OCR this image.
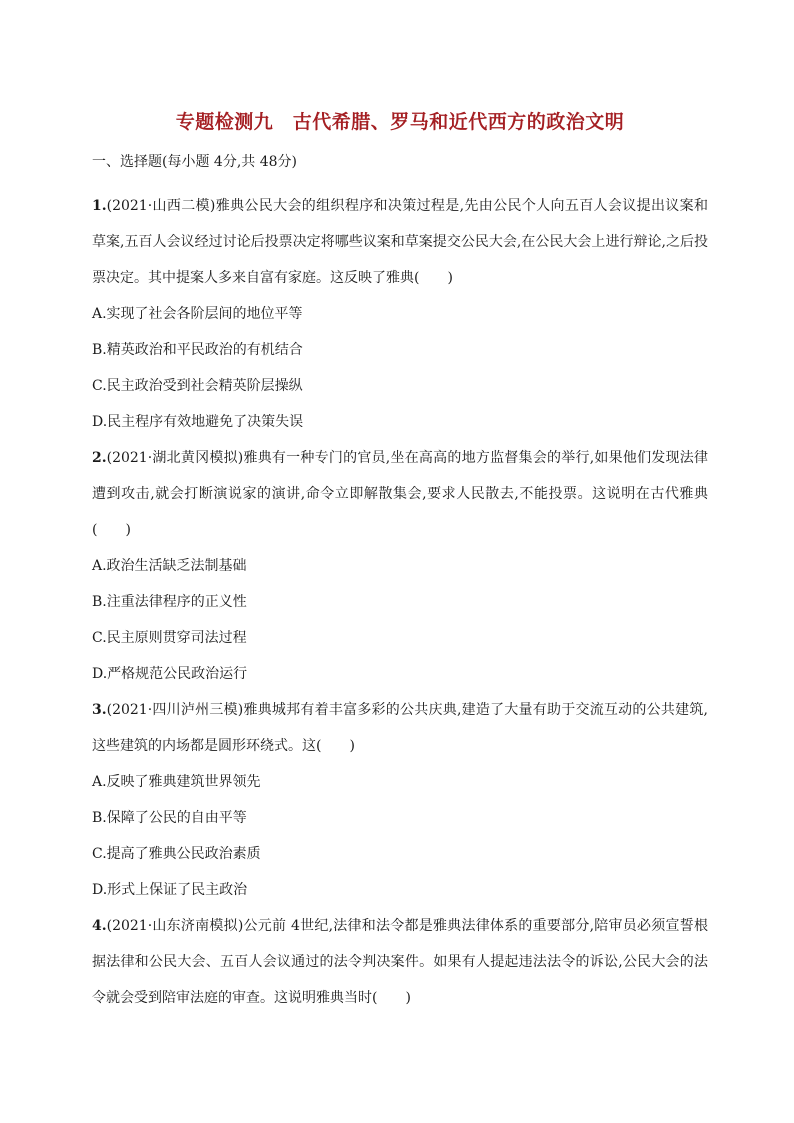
专题检测九　古代希腊、罗马和近代西方的政治文明

一、选择题(每小题 4分,共 48分)

1.(2021·山西二模)雅典公民大会的组织程序和决策过程是,先由公民个人向五百人会议提出议案和草案,五百人会议经过讨论后投票决定将哪些议案和草案提交公民大会,在公民大会上进行辩论,之后投票决定。其中提案人多来自富有家庭。这反映了雅典(　　)

A.实现了社会各阶层间的地位平等
B.精英政治和平民政治的有机结合
C.民主政治受到社会精英阶层操纵
D.民主程序有效地避免了决策失误

2.(2021·湖北黄冈模拟)雅典有一种专门的官员,坐在高高的地方监督集会的举行,如果他们发现法律遭到攻击,就会打断演说家的演讲,命令立即解散集会,要求人民散去,不能投票。这说明在古代雅典(　　)

A.政治生活缺乏法制基础
B.注重法律程序的正义性
C.民主原则贯穿司法过程
D.严格规范公民政治运行

3.(2021·四川泸州三模)雅典城邦有着丰富多彩的公共庆典,建造了大量有助于交流互动的公共建筑,这些建筑的内场都是圆形环绕式。这(　　)

A.反映了雅典建筑世界领先
B.保障了公民的自由平等
C.提高了雅典公民政治素质
D.形式上保证了民主政治

4.(2021·山东济南模拟)公元前 4世纪,法律和法令都是雅典法律体系的重要部分,陪审员必须宣誓根据法律和公民大会、五百人会议通过的法令判决案件。如果有人提起违法法令的诉讼,公民大会的法令就会受到陪审法庭的审查。这说明雅典当时(　　)
